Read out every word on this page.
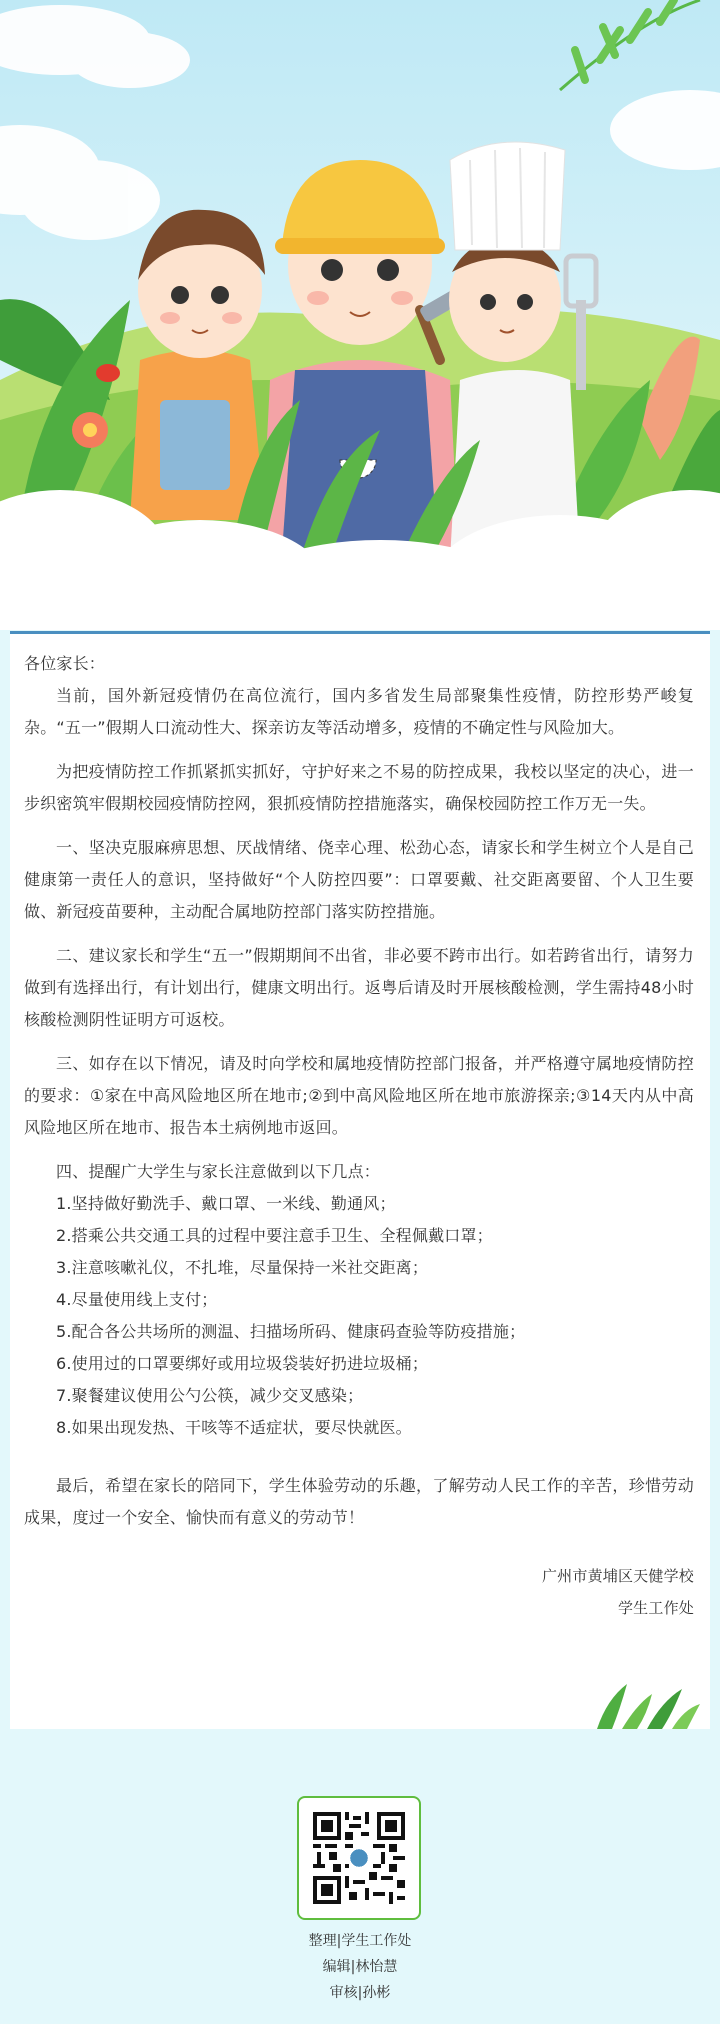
各位家长：

当前，国外新冠疫情仍在高位流行，国内多省发生局部聚集性疫情，防控形势严峻复杂。“五一”假期人口流动性大、探亲访友等活动增多，疫情的不确定性与风险加大。

为把疫情防控工作抓紧抓实抓好，守护好来之不易的防控成果，我校以坚定的决心，进一步织密筑牢假期校园疫情防控网，狠抓疫情防控措施落实，确保校园防控工作万无一失。

一、坚决克服麻痹思想、厌战情绪、侥幸心理、松劲心态，请家长和学生树立个人是自己健康第一责任人的意识，坚持做好“个人防控四要”：口罩要戴、社交距离要留、个人卫生要做、新冠疫苗要种，主动配合属地防控部门落实防控措施。

二、建议家长和学生“五一”假期期间不出省，非必要不跨市出行。如若跨省出行，请努力做到有选择出行，有计划出行，健康文明出行。返粤后请及时开展核酸检测，学生需持48小时核酸检测阴性证明方可返校。

三、如存在以下情况，请及时向学校和属地疫情防控部门报备，并严格遵守属地疫情防控的要求：①家在中高风险地区所在地市;②到中高风险地区所在地市旅游探亲;③14天内从中高风险地区所在地市、报告本土病例地市返回。

四、提醒广大学生与家长注意做到以下几点：

1.坚持做好勤洗手、戴口罩、一米线、勤通风；

2.搭乘公共交通工具的过程中要注意手卫生、全程佩戴口罩；

3.注意咳嗽礼仪，不扎堆，尽量保持一米社交距离；

4.尽量使用线上支付；

5.配合各公共场所的测温、扫描场所码、健康码查验等防疫措施；

6.使用过的口罩要绑好或用垃圾袋装好扔进垃圾桶；

7.聚餐建议使用公勺公筷，减少交叉感染；

8.如果出现发热、干咳等不适症状，要尽快就医。

最后，希望在家长的陪同下，学生体验劳动的乐趣，了解劳动人民工作的辛苦，珍惜劳动成果，度过一个安全、愉快而有意义的劳动节！

广州市黄埔区天健学校

学生工作处

整理|学生工作处
编辑|林怡慧
审核|孙彬
